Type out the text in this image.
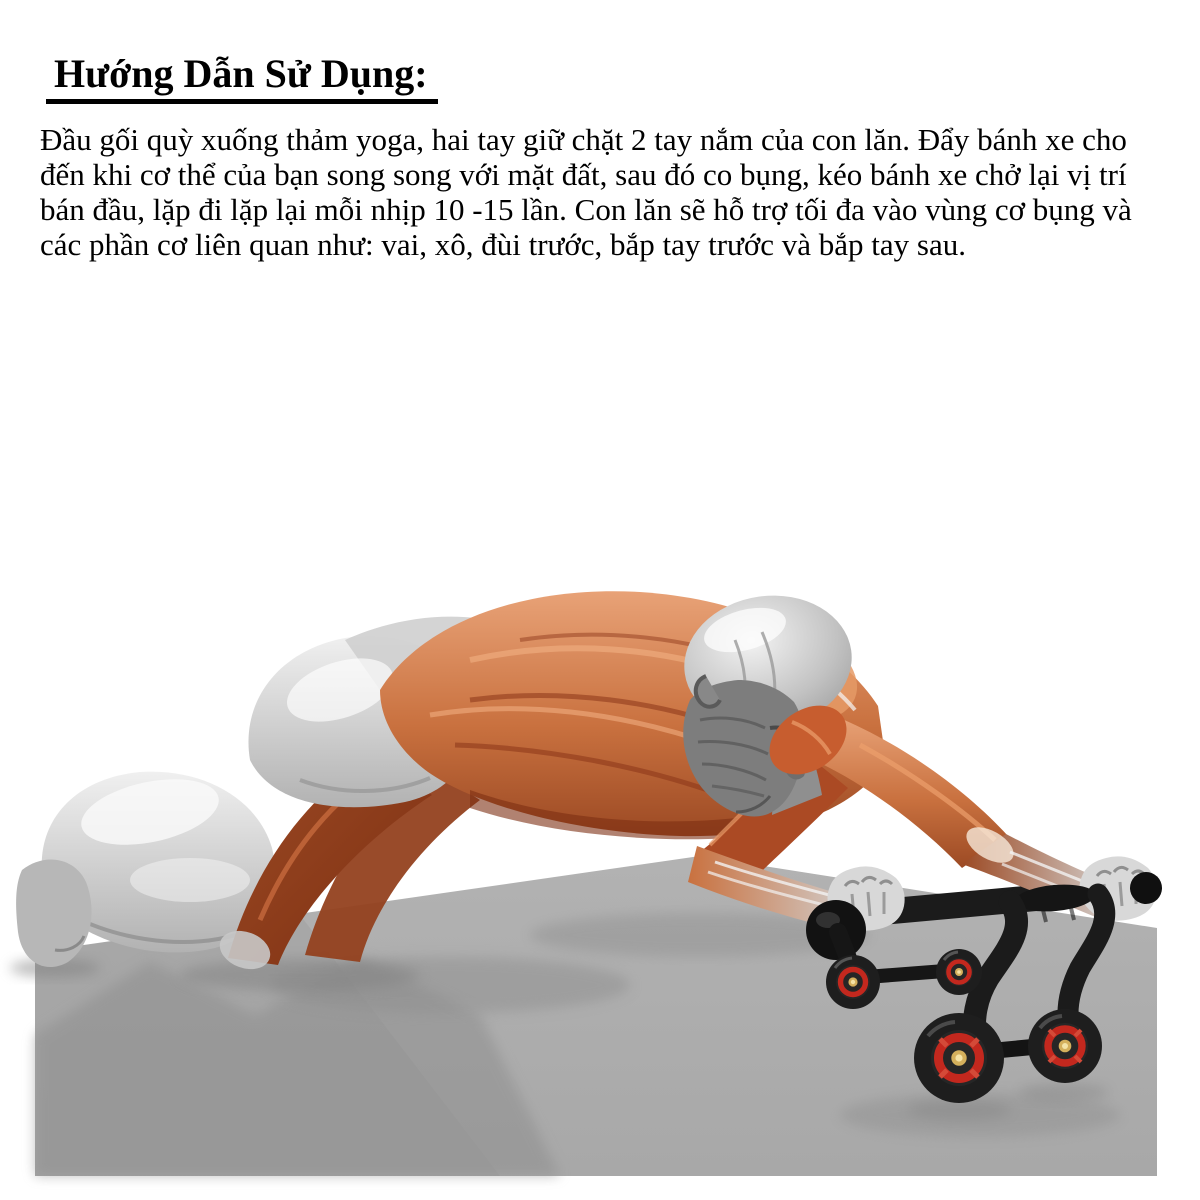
Hướng Dẫn Sử Dụng:
Đầu gối quỳ xuống thảm yoga, hai tay giữ chặt 2 tay nắm của con lăn. Đẩy bánh xe cho
đến khi cơ thể của bạn song song với mặt đất, sau đó co bụng, kéo bánh xe chở lại vị trí
bán đầu, lặp đi lặp lại mỗi nhịp 10 -15 lần. Con lăn sẽ hỗ trợ tối đa vào vùng cơ bụng và
các phần cơ liên quan như: vai, xô, đùi trước, bắp tay trước và bắp tay sau.
